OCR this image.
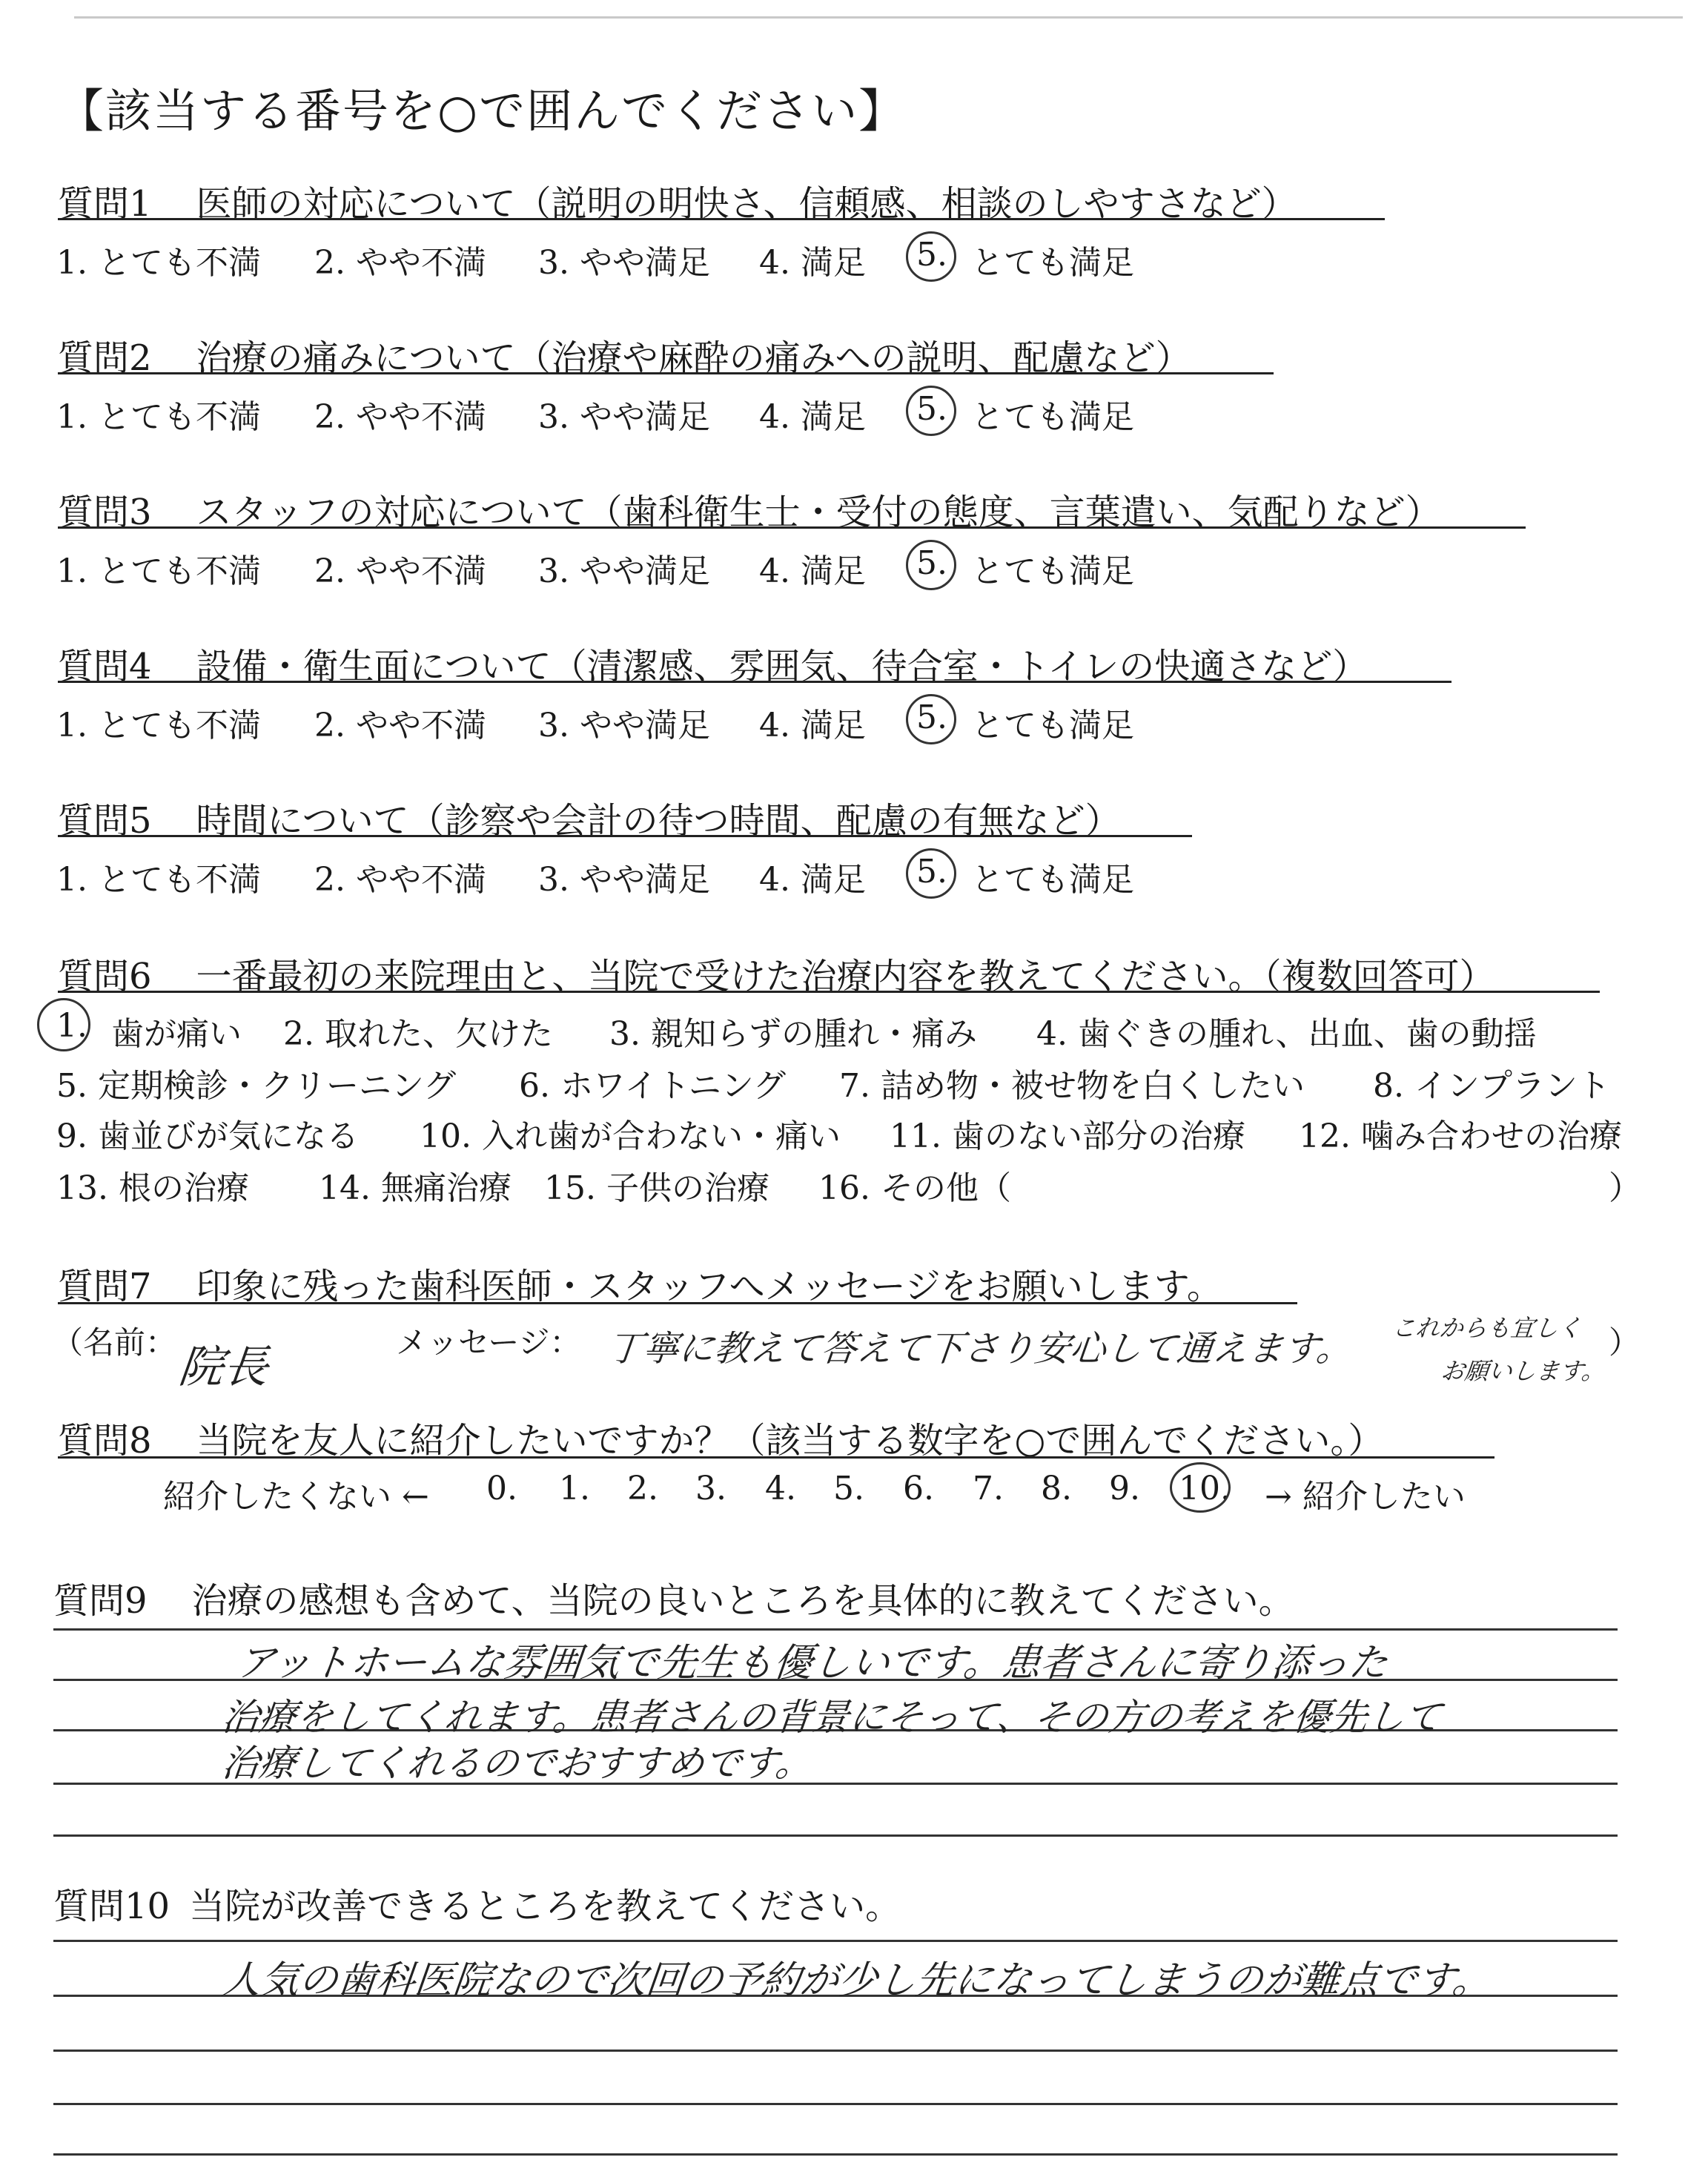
【該当する番号を○で囲んでください】
質問1 医師の対応について（説明の明快さ、信頼感、相談のしやすさなど）
1. とても不満 2. やや不満 3. やや満足 4. 満足 5. とても満足
質問2 治療の痛みについて（治療や麻酔の痛みへの説明、配慮など）
1. とても不満 2. やや不満 3. やや満足 4. 満足 5. とても満足
質問3 スタッフの対応について（歯科衛生士・受付の態度、言葉遣い、気配りなど）
1. とても不満 2. やや不満 3. やや満足 4. 満足 5. とても満足
質問4 設備・衛生面について（清潔感、雰囲気、待合室・トイレの快適さなど）
1. とても不満 2. やや不満 3. やや満足 4. 満足 5. とても満足
質問5 時間について（診察や会計の待つ時間、配慮の有無など）
1. とても不満 2. やや不満 3. やや満足 4. 満足 5. とても満足
質問6 一番最初の来院理由と、当院で受けた治療内容を教えてください。（複数回答可）
1. 歯が痛い 2. 取れた、欠けた 3. 親知らずの腫れ・痛み 4. 歯ぐきの腫れ、出血、歯の動揺
5. 定期検診・クリーニング 6. ホワイトニング 7. 詰め物・被せ物を白くしたい 8. インプラント
9. 歯並びが気になる 10. 入れ歯が合わない・痛い 11. 歯のない部分の治療 12. 噛み合わせの治療
13. 根の治療 14. 無痛治療 15. 子供の治療 16. その他（	）
質問7 印象に残った歯科医師・スタッフへメッセージをお願いします。
（名前： 院長	メッセージ： 丁寧に教えて答えて下さり安心して通えます。 これからも宜しく
お願いします。
）
質問8 当院を友人に紹介したいですか？（該当する数字を○で囲んでください。）
紹介したくない ← 0. 1. 2. 3. 4. 5. 6. 7. 8. 9. 10. → 紹介したい
質問9 治療の感想も含めて、当院の良いところを具体的に教えてください。
アットホームな雰囲気で先生も優しいです。患者さんに寄り添った
治療をしてくれます。患者さんの背景にそって、その方の考えを優先して
治療してくれるのでおすすめです。
質問10 当院が改善できるところを教えてください。
人気の歯科医院なので次回の予約が少し先になってしまうのが難点です。
